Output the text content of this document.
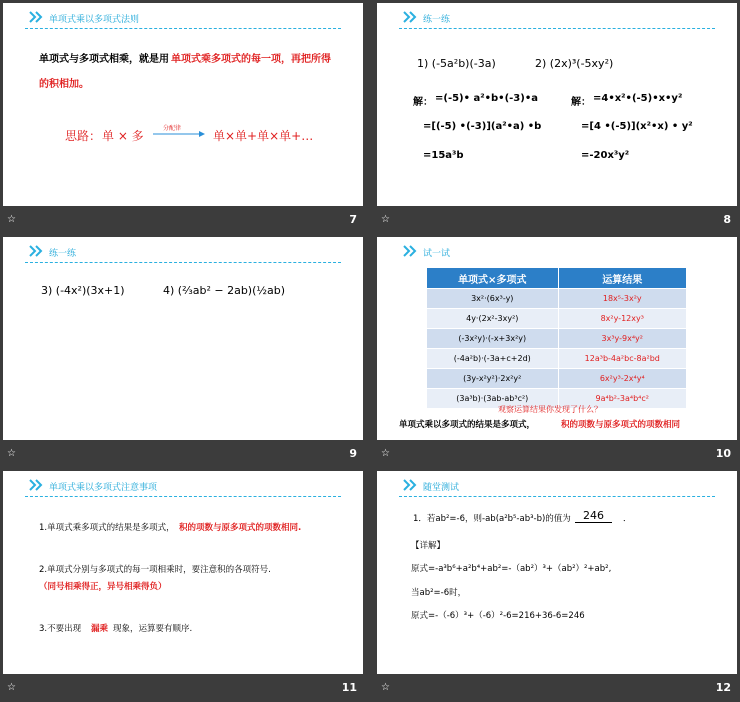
单项式乘以多项式法则
单项式与多项式相乘，就是用 单项式乘多项式的每一项，再把所得
的积相加。
思路： 单 × 多
分配律
单×单+单×单+…
☆	7
练一练
1) (-5a²b)(-3a)	2) (2x)³(-5xy²)
解： =(-5)• a²•b•(-3)•a
=[(-5) •(-3)](a²•a) •b
=15a³b
解： =4•x²•(-5)•x•y²
=[4 •(-5)](x²•x) • y²
=-20x³y²
☆	8
练一练
3) (-4x²)(3x+1)	4) (⅔ab² − 2ab)(½ab)
☆	9
试一试
单项式×多项式	运算结果
3x²·(6x³-y)	18x⁵-3x²y
4y·(2x²-3xy²)	8x²y-12xy³
(-3x²y)·(-x+3x²y)	3x³y-9x⁴y²
(-4a²b)·(-3a+c+2d)	12a³b-4a²bc-8a²bd
(3y-x²y²)·2x²y²	6x²y³-2x⁴y⁴
(3a³b)·(3ab-ab³c²)	9a⁴b²-3a⁴b⁴c²
观察运算结果你发现了什么？
单项式乘以多项式的结果是多项式，	积的项数与原多项式的项数相同
☆	10
单项式乘以多项式注意事项
1.单项式乘多项式的结果是多项式， 积的项数与原多项式的项数相同.
2.单项式分别与多项式的每一项相乘时，要注意积的各项符号.
（同号相乘得正，异号相乘得负）
3.不要出现 漏乘 现象，运算要有顺序.
☆	11
随堂测试
1．若ab²=-6，则-ab(a²b⁵-ab³-b)的值为	246	．
【详解】
原式=-a³b⁶+a²b⁴+ab²=-（ab²）³+（ab²）²+ab²,
当ab²=-6时，
原式=-（-6）³+（-6）²-6=216+36-6=246
☆	12
